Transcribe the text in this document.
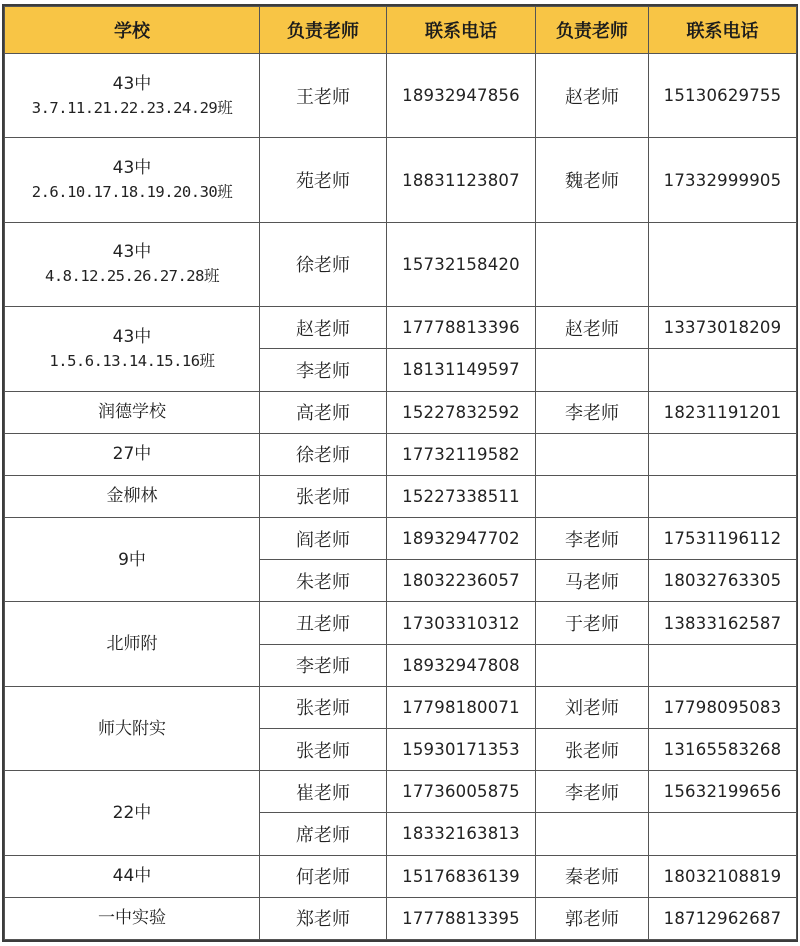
学校	负责老师	联系电话	负责老师	联系电话

43中
3.7.11.21.22.23.24.29班	王老师	18932947856	赵老师	15130629755

43中
2.6.10.17.18.19.20.30班	苑老师	18831123807	魏老师	17332999905

43中
4.8.12.25.26.27.28班	徐老师	15732158420		

43中
1.5.6.13.14.15.16班	赵老师	17778813396	赵老师	13373018209
	李老师	18131149597		
润德学校	高老师	15227832592	李老师	18231191201
27中	徐老师	17732119582		
金柳林	张老师	15227338511		
9中	阎老师	18932947702	李老师	17531196112
	朱老师	18032236057	马老师	18032763305
北师附	丑老师	17303310312	于老师	13833162587
	李老师	18932947808		
师大附实	张老师	17798180071	刘老师	17798095083
	张老师	15930171353	张老师	13165583268
22中	崔老师	17736005875	李老师	15632199656
	席老师	18332163813		
44中	何老师	15176836139	秦老师	18032108819
一中实验	郑老师	17778813395	郭老师	18712962687
